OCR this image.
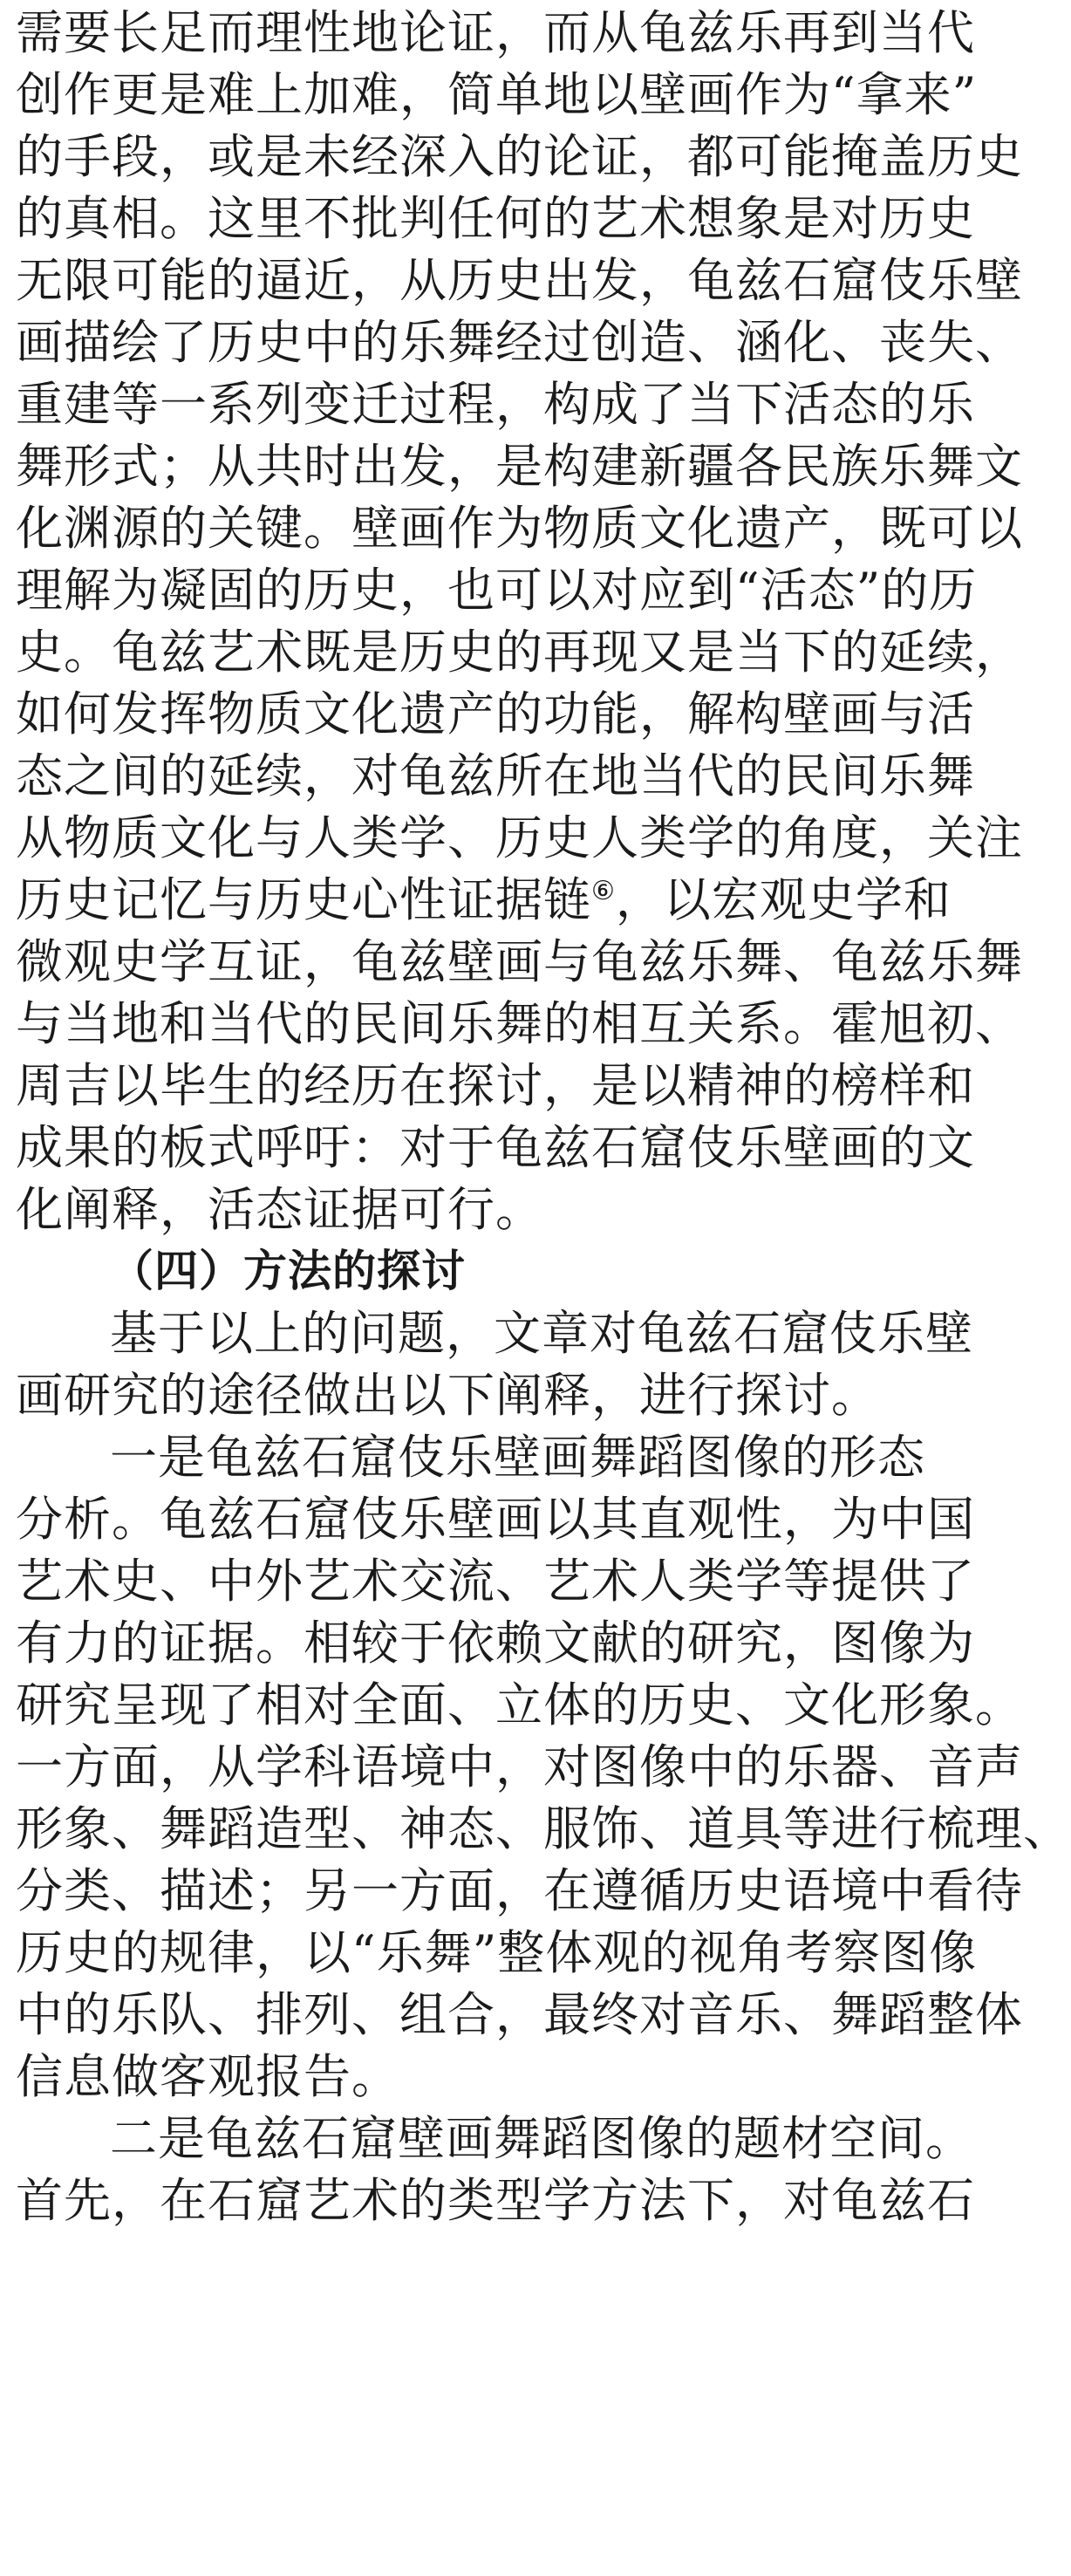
需要长足而理性地论证，而从龟兹乐再到当代
创作更是难上加难，简单地以壁画作为“拿来”
的手段，或是未经深入的论证，都可能掩盖历史
的真相。这里不批判任何的艺术想象是对历史
无限可能的逼近，从历史出发，龟兹石窟伎乐壁
画描绘了历史中的乐舞经过创造、涵化、丧失、
重建等一系列变迁过程，构成了当下活态的乐
舞形式；从共时出发，是构建新疆各民族乐舞文
化渊源的关键。壁画作为物质文化遗产，既可以
理解为凝固的历史，也可以对应到“活态”的历
史。龟兹艺术既是历史的再现又是当下的延续，
如何发挥物质文化遗产的功能，解构壁画与活
态之间的延续，对龟兹所在地当代的民间乐舞
从物质文化与人类学、历史人类学的角度，关注
历史记忆与历史心性证据链⑥，以宏观史学和
微观史学互证，龟兹壁画与龟兹乐舞、龟兹乐舞
与当地和当代的民间乐舞的相互关系。霍旭初、
周吉以毕生的经历在探讨，是以精神的榜样和
成果的板式呼吁：对于龟兹石窟伎乐壁画的文
化阐释，活态证据可行。
（四）方法的探讨
基于以上的问题，文章对龟兹石窟伎乐壁
画研究的途径做出以下阐释，进行探讨。
一是龟兹石窟伎乐壁画舞蹈图像的形态
分析。龟兹石窟伎乐壁画以其直观性，为中国
艺术史、中外艺术交流、艺术人类学等提供了
有力的证据。相较于依赖文献的研究，图像为
研究呈现了相对全面、立体的历史、文化形象。
一方面，从学科语境中，对图像中的乐器、音声
形象、舞蹈造型、神态、服饰、道具等进行梳理、
分类、描述；另一方面，在遵循历史语境中看待
历史的规律，以“乐舞”整体观的视角考察图像
中的乐队、排列、组合，最终对音乐、舞蹈整体
信息做客观报告。
二是龟兹石窟壁画舞蹈图像的题材空间。
首先，在石窟艺术的类型学方法下，对龟兹石
